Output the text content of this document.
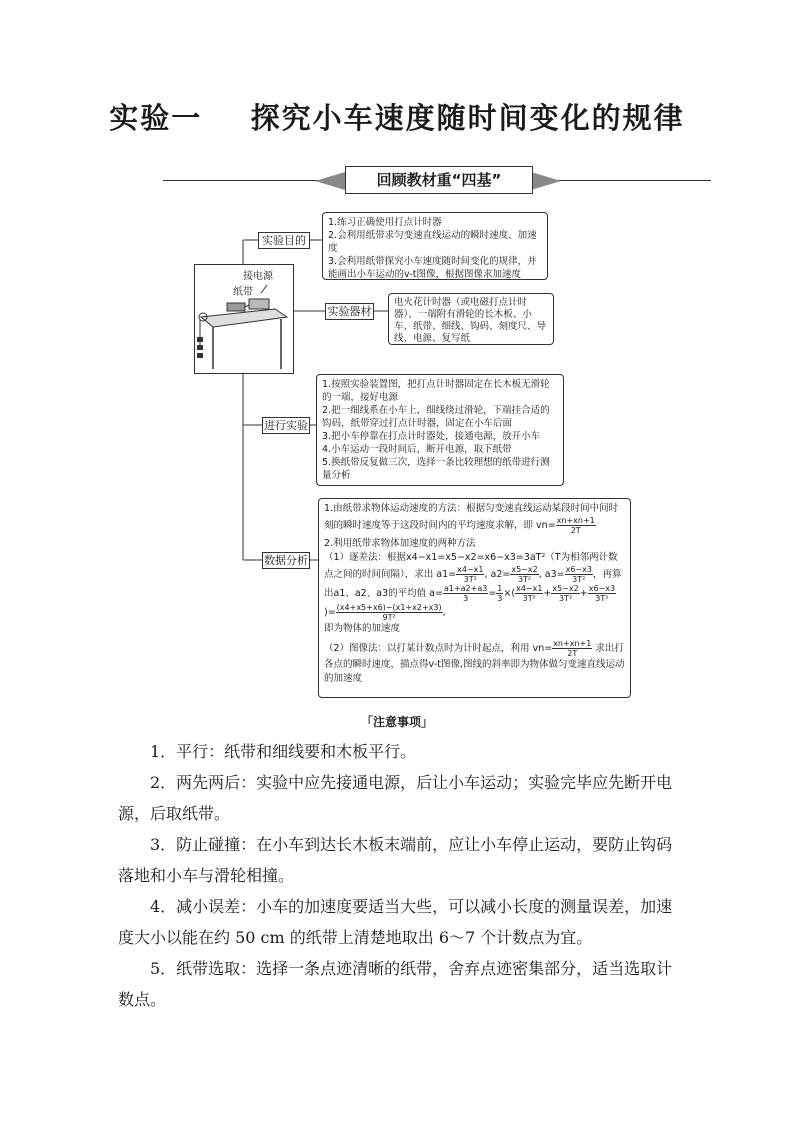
实验一    探究小车速度随时间变化的规律
回顾教材重“四基”
接电源
纸带
实验目的
实验器材
进行实验
数据分析
1.练习正确使用打点计时器
2.会利用纸带求匀变速直线运动的瞬时速度、加速度
3.会利用纸带探究小车速度随时间变化的规律，并能画出小车运动的v-t图像，根据图像求加速度
电火花计时器（或电磁打点计时器）、一端附有滑轮的长木板、小车、纸带、细线、钩码、刻度尺、导线、电源、复写纸
1.按照实验装置图，把打点计时器固定在长木板无滑轮的一端，接好电源
2.把一细线系在小车上，细线绕过滑轮，下端挂合适的钩码，纸带穿过打点计时器，固定在小车后面
3.把小车停靠在打点计时器处，接通电源，放开小车
4.小车运动一段时间后，断开电源，取下纸带
5.换纸带反复做三次，选择一条比较理想的纸带进行测量分析
1.由纸带求物体运动速度的方法：根据匀变速直线运动某段时间中间时刻的瞬时速度等于这段时间内的平均速度求解，即 $vn= \frac{xn+xn+1}{2T}$
2.利用纸带求物体加速度的两种方法
（1）逐差法：根据x4−x1=x5−x2=x6−x3=3aT²（T为相邻两计数点之间的时间间隔），求出 $a1= \frac{x4-x1}{\text{3T²}}$ , $a2= \frac{x5-x2}{\text{3T²}}$ , $a3= \frac{x6-x3}{\text{3T²}}$ ，再算出a1、a2、a3的平均值 $a= \frac{a1+a2+a3}{3} = \frac{1}{3}$ ×( $\frac{x4-x1}{\text{3T²}} + \frac{x5-x2}{\text{3T²}} + \frac{x6-x3}{\text{3T²}}$
)= $\frac{(x4+x5+x6)-(x1+x2+x3)}{\text{9T²}}$ ,
即为物体的加速度
（2）图像法：以打某计数点时为计时起点，利用 $vn= \frac{xn+xn+1}{2T}$ 求出打各点的瞬时速度，描点得v-t图像,图线的斜率即为物体做匀变速直线运动的加速度
「注意事项」
1．平行：纸带和细线要和木板平行。
2．两先两后：实验中应先接通电源，后让小车运动；实验完毕应先断开电源，后取纸带。
3．防止碰撞：在小车到达长木板末端前，应让小车停止运动，要防止钩码落地和小车与滑轮相撞。
4．减小误差：小车的加速度要适当大些，可以减小长度的测量误差，加速度大小以能在约 50 cm 的纸带上清楚地取出 6～7 个计数点为宜。
5．纸带选取：选择一条点迹清晰的纸带，舍弃点迹密集部分，适当选取计数点。
